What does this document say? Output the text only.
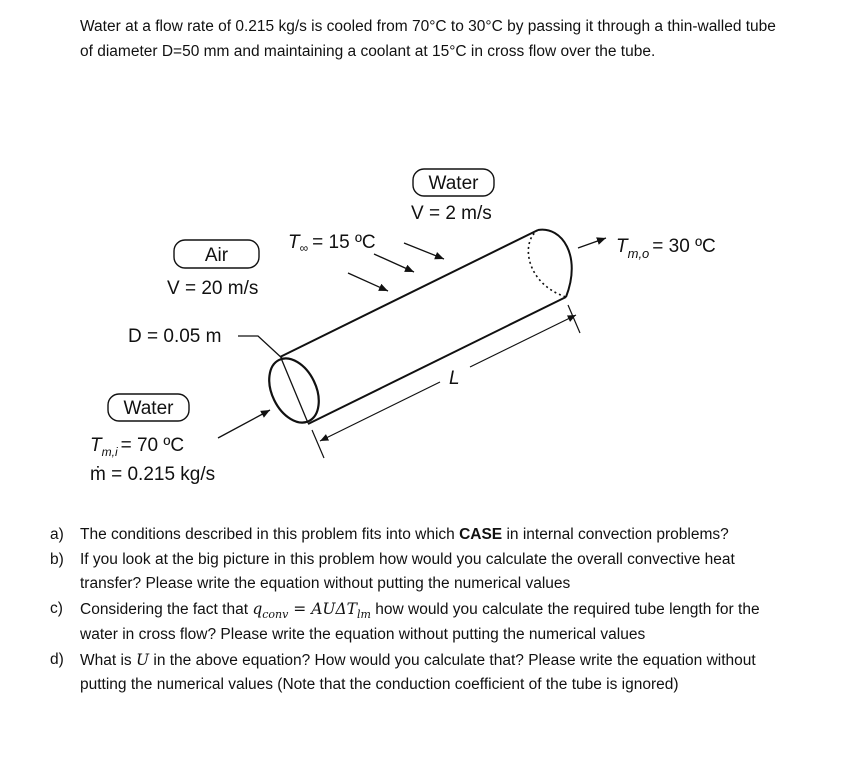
Water at a flow rate of 0.215 kg/s is cooled from 70°C to 30°C by passing it through a thin-walled tube of diameter D=50 mm and maintaining a coolant at 15°C in cross flow over the tube.

Water
V = 2 m/s
$T_\infty = 15$ ºC
Air
V = 20 m/s
D = 0.05 m
L
Water
$T_{m,i} = 70$ ºC
ṁ = 0.215 kg/s
$T_{m,o} = 30$ ºC
a) The conditions described in this problem fits into which CASE in internal convection problems?
b) If you look at the big picture in this problem how would you calculate the overall convective heat transfer? Please write the equation without putting the numerical values
c) Considering the fact that $q_{conv} = AU\Delta T_{lm}$ how would you calculate the required tube length for the water in cross flow? Please write the equation without putting the numerical values
d) What is U in the above equation? How would you calculate that? Please write the equation without putting the numerical values (Note that the conduction coefficient of the tube is ignored)
